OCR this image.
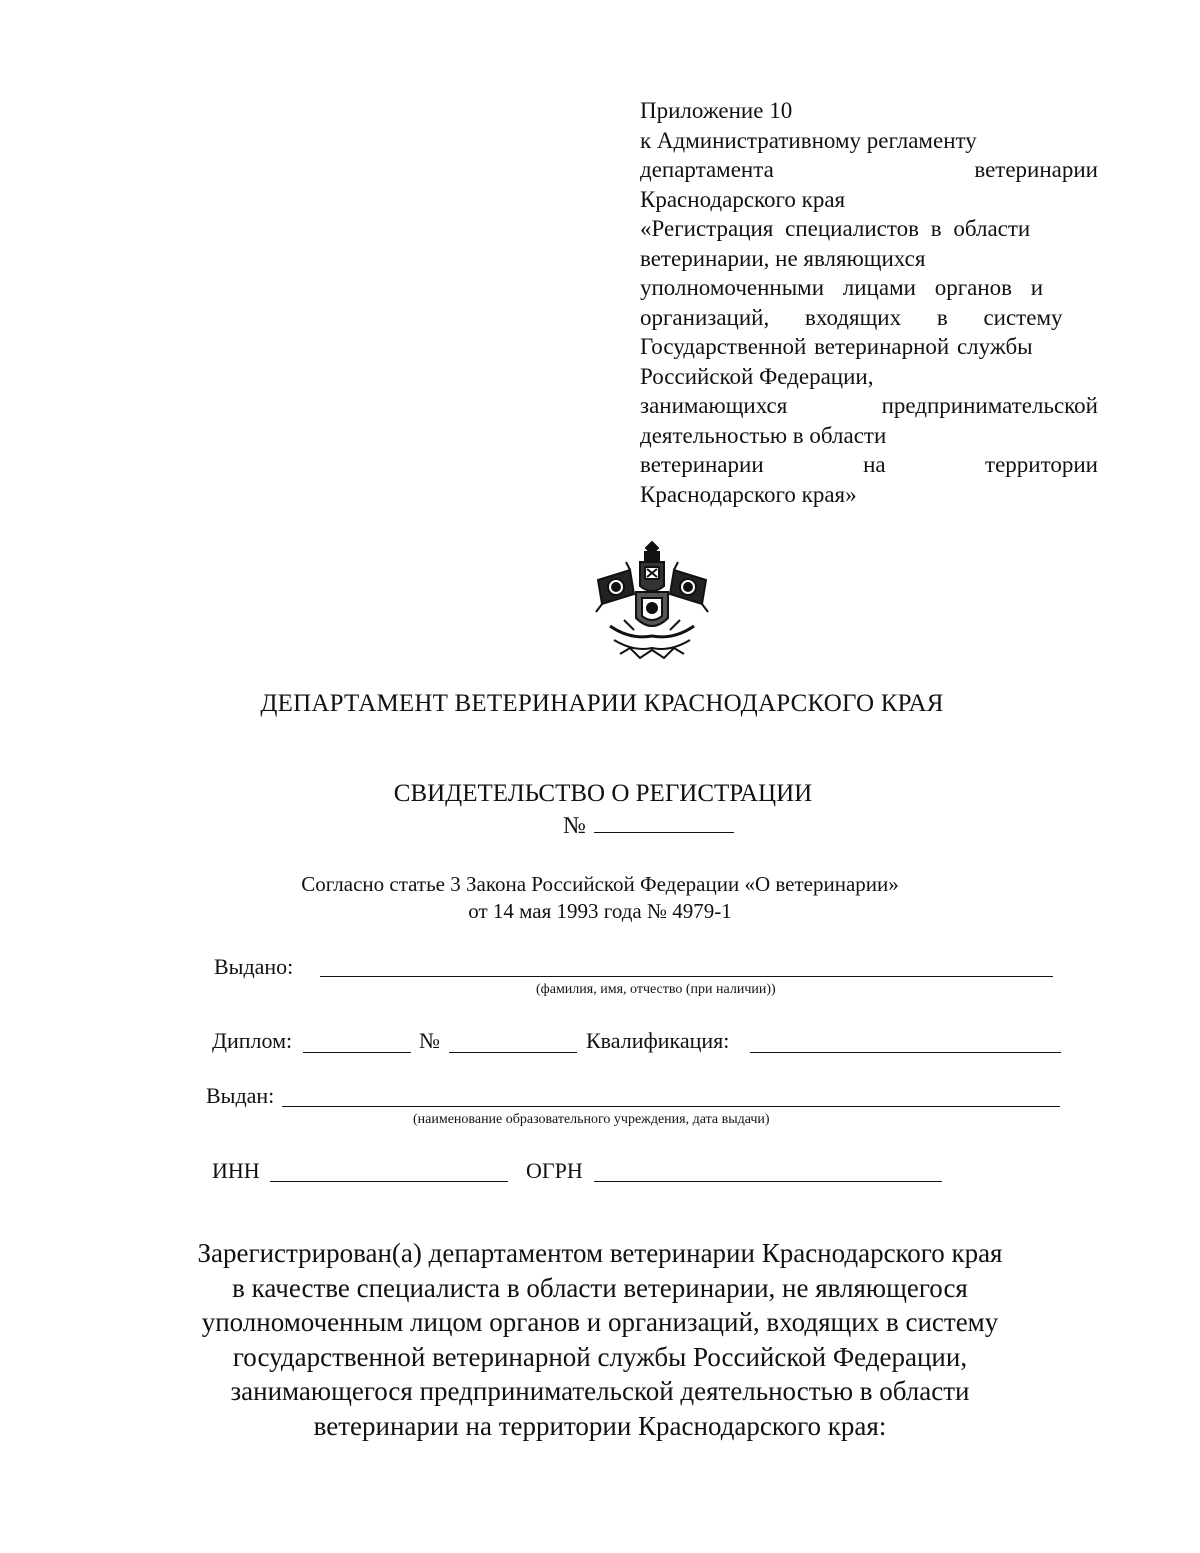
Приложение 10
к Административному регламенту
департамента	ветеринарии
Краснодарского края
«Регистрация специалистов в области
ветеринарии, не являющихся
уполномоченными лицами органов и
организаций, входящих в систему
Государственной ветеринарной службы
Российской Федерации,
занимающихся	предпринимательской
деятельностью в области
ветеринарии	на	территории
Краснодарского края»
ДЕПАРТАМЕНТ ВЕТЕРИНАРИИ КРАСНОДАРСКОГО КРАЯ
СВИДЕТЕЛЬСТВО О РЕГИСТРАЦИИ
№
Согласно статье 3 Закона Российской Федерации «О ветеринарии»
от 14 мая 1993 года № 4979-1
Выдано:
(фамилия, имя, отчество (при наличии))
Диплом:	№	Квалификация:
Выдан:
(наименование образовательного учреждения, дата выдачи)
ИНН	ОГРН
Зарегистрирован(а) департаментом ветеринарии Краснодарского края
в качестве специалиста в области ветеринарии, не являющегося
уполномоченным лицом органов и организаций, входящих в систему
государственной ветеринарной службы Российской Федерации,
занимающегося предпринимательской деятельностью в области
ветеринарии на территории Краснодарского края:
